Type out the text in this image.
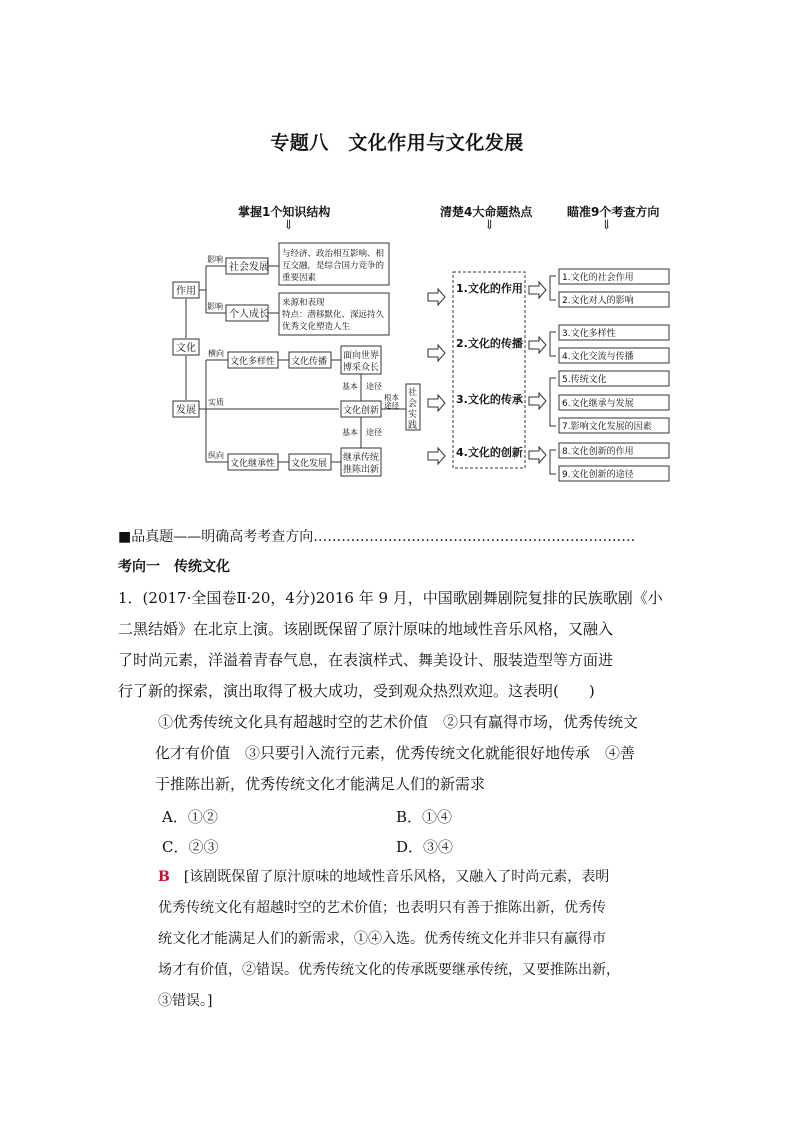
专题八　文化作用与文化发展
掌握1个知识结构	清楚4大命题热点	瞄准9个考查方向
⇓	⇓	⇓
作用
文化
发展
影响
影响
社会发展
个人成长
与经济、政治相互影响、相
互交融，是综合国力竞争的
重要因素
来源和表现
特点：潜移默化、深远持久
优秀文化塑造人生
横向
实质
纵向
文化多样性 文化传播
面向世界
博采众长
基本　途径
文化创新
根本
途径
社
会
实
践
基本　途径
继承传统
推陈出新
文化继承性 文化发展
1.文化的作用
2.文化的传播
3.文化的传承
4.文化的创新
1.文化的社会作用
2.文化对人的影响
3.文化多样性
4.文化交流与传播
5.传统文化
6.文化继承与发展
7.影响文化发展的因素
8.文化创新的作用
9.文化创新的途径
■品真题——明确高考考查方向……………………………………………………………
考向一　传统文化
1．(2017·全国卷Ⅱ·20，4分)2016 年 9 月，中国歌剧舞剧院复排的民族歌剧《小
二黑结婚》在北京上演。该剧既保留了原汁原味的地域性音乐风格，又融入
了时尚元素，洋溢着青春气息，在表演样式、舞美设计、服装造型等方面进
行了新的探索，演出取得了极大成功，受到观众热烈欢迎。这表明(　　)
①优秀传统文化具有超越时空的艺术价值　②只有赢得市场，优秀传统文
化才有价值　③只要引入流行元素，优秀传统文化就能很好地传承　④善
于推陈出新，优秀传统文化才能满足人们的新需求
A．①②	B．①④
C．②③	D．③④
B　 [该剧既保留了原汁原味的地域性音乐风格，又融入了时尚元素，表明
优秀传统文化有超越时空的艺术价值；也表明只有善于推陈出新，优秀传
统文化才能满足人们的新需求，①④入选。优秀传统文化并非只有赢得市
场才有价值，②错误。优秀传统文化的传承既要继承传统，又要推陈出新，
③错误。]
